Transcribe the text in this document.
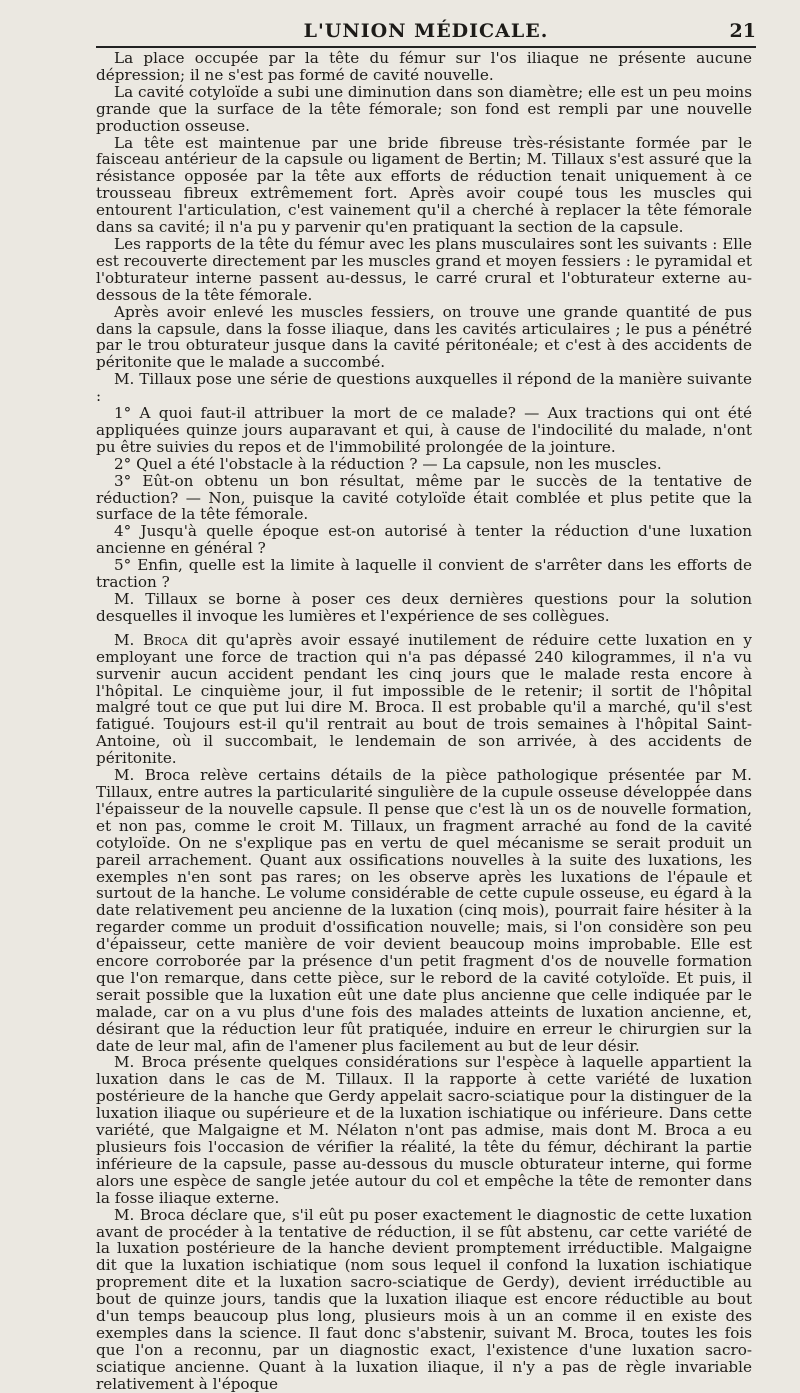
L'UNION MÉDICALE.	21

La place occupée par la tête du fémur sur l'os iliaque ne présente aucune dépression; il ne s'est pas formé de cavité nouvelle.

La cavité cotyloïde a subi une diminution dans son diamètre; elle est un peu moins grande que la surface de la tête fémorale; son fond est rempli par une nouvelle production osseuse.

La tête est maintenue par une bride fibreuse très-résistante formée par le faisceau antérieur de la capsule ou ligament de Bertin; M. Tillaux s'est assuré que la résistance opposée par la tête aux efforts de réduction tenait uniquement à ce trousseau fibreux extrêmement fort. Après avoir coupé tous les muscles qui entourent l'articulation, c'est vainement qu'il a cherché à replacer la tête fémorale dans sa cavité; il n'a pu y parvenir qu'en pratiquant la section de la capsule.

Les rapports de la tête du fémur avec les plans musculaires sont les suivants : Elle est recouverte directement par les muscles grand et moyen fessiers : le pyramidal et l'obturateur interne passent au-dessus, le carré crural et l'obturateur externe au-dessous de la tête fémorale.

Après avoir enlevé les muscles fessiers, on trouve une grande quantité de pus dans la capsule, dans la fosse iliaque, dans les cavités articulaires ; le pus a pénétré par le trou obturateur jusque dans la cavité péritonéale; et c'est à des accidents de péritonite que le malade a succombé.

M. Tillaux pose une série de questions auxquelles il répond de la manière suivante :

1° A quoi faut-il attribuer la mort de ce malade? — Aux tractions qui ont été appliquées quinze jours auparavant et qui, à cause de l'indocilité du malade, n'ont pu être suivies du repos et de l'immobilité prolongée de la jointure.

2° Quel a été l'obstacle à la réduction ? — La capsule, non les muscles.

3° Eût-on obtenu un bon résultat, même par le succès de la tentative de réduction? — Non, puisque la cavité cotyloïde était comblée et plus petite que la surface de la tête fémorale.

4° Jusqu'à quelle époque est-on autorisé à tenter la réduction d'une luxation ancienne en général ?

5° Enfin, quelle est la limite à laquelle il convient de s'arrêter dans les efforts de traction ?

M. Tillaux se borne à poser ces deux dernières questions pour la solution desquelles il invoque les lumières et l'expérience de ses collègues.

M. Broca dit qu'après avoir essayé inutilement de réduire cette luxation en y employant une force de traction qui n'a pas dépassé 240 kilogrammes, il n'a vu survenir aucun accident pendant les cinq jours que le malade resta encore à l'hôpital. Le cinquième jour, il fut impossible de le retenir; il sortit de l'hôpital malgré tout ce que put lui dire M. Broca. Il est probable qu'il a marché, qu'il s'est fatigué. Toujours est-il qu'il rentrait au bout de trois semaines à l'hôpital Saint-Antoine, où il succombait, le lendemain de son arrivée, à des accidents de péritonite.

M. Broca relève certains détails de la pièce pathologique présentée par M. Tillaux, entre autres la particularité singulière de la cupule osseuse développée dans l'épaisseur de la nouvelle capsule. Il pense que c'est là un os de nouvelle formation, et non pas, comme le croit M. Tillaux, un fragment arraché au fond de la cavité cotyloïde. On ne s'explique pas en vertu de quel mécanisme se serait produit un pareil arrachement. Quant aux ossifications nouvelles à la suite des luxations, les exemples n'en sont pas rares; on les observe après les luxations de l'épaule et surtout de la hanche. Le volume considérable de cette cupule osseuse, eu égard à la date relativement peu ancienne de la luxation (cinq mois), pourrait faire hésiter à la regarder comme un produit d'ossification nouvelle; mais, si l'on considère son peu d'épaisseur, cette manière de voir devient beaucoup moins improbable. Elle est encore corroborée par la présence d'un petit fragment d'os de nouvelle formation que l'on remarque, dans cette pièce, sur le rebord de la cavité cotyloïde. Et puis, il serait possible que la luxation eût une date plus ancienne que celle indiquée par le malade, car on a vu plus d'une fois des malades atteints de luxation ancienne, et, désirant que la réduction leur fût pratiquée, induire en erreur le chirurgien sur la date de leur mal, afin de l'amener plus facilement au but de leur désir.

M. Broca présente quelques considérations sur l'espèce à laquelle appartient la luxation dans le cas de M. Tillaux. Il la rapporte à cette variété de luxation postérieure de la hanche que Gerdy appelait sacro-sciatique pour la distinguer de la luxation iliaque ou supérieure et de la luxation ischiatique ou inférieure. Dans cette variété, que Malgaigne et M. Nélaton n'ont pas admise, mais dont M. Broca a eu plusieurs fois l'occasion de vérifier la réalité, la tête du fémur, déchirant la partie inférieure de la capsule, passe au-dessous du muscle obturateur interne, qui forme alors une espèce de sangle jetée autour du col et empêche la tête de remonter dans la fosse iliaque externe.

M. Broca déclare que, s'il eût pu poser exactement le diagnostic de cette luxation avant de procéder à la tentative de réduction, il se fût abstenu, car cette variété de la luxation postérieure de la hanche devient promptement irréductible. Malgaigne dit que la luxation ischiatique (nom sous lequel il confond la luxation ischiatique proprement dite et la luxation sacro-sciatique de Gerdy), devient irréductible au bout de quinze jours, tandis que la luxation iliaque est encore réductible au bout d'un temps beaucoup plus long, plusieurs mois à un an comme il en existe des exemples dans la science. Il faut donc s'abstenir, suivant M. Broca, toutes les fois que l'on a reconnu, par un diagnostic exact, l'existence d'une luxation sacro-sciatique ancienne. Quant à la luxation iliaque, il n'y a pas de règle invariable relativement à l'époque
